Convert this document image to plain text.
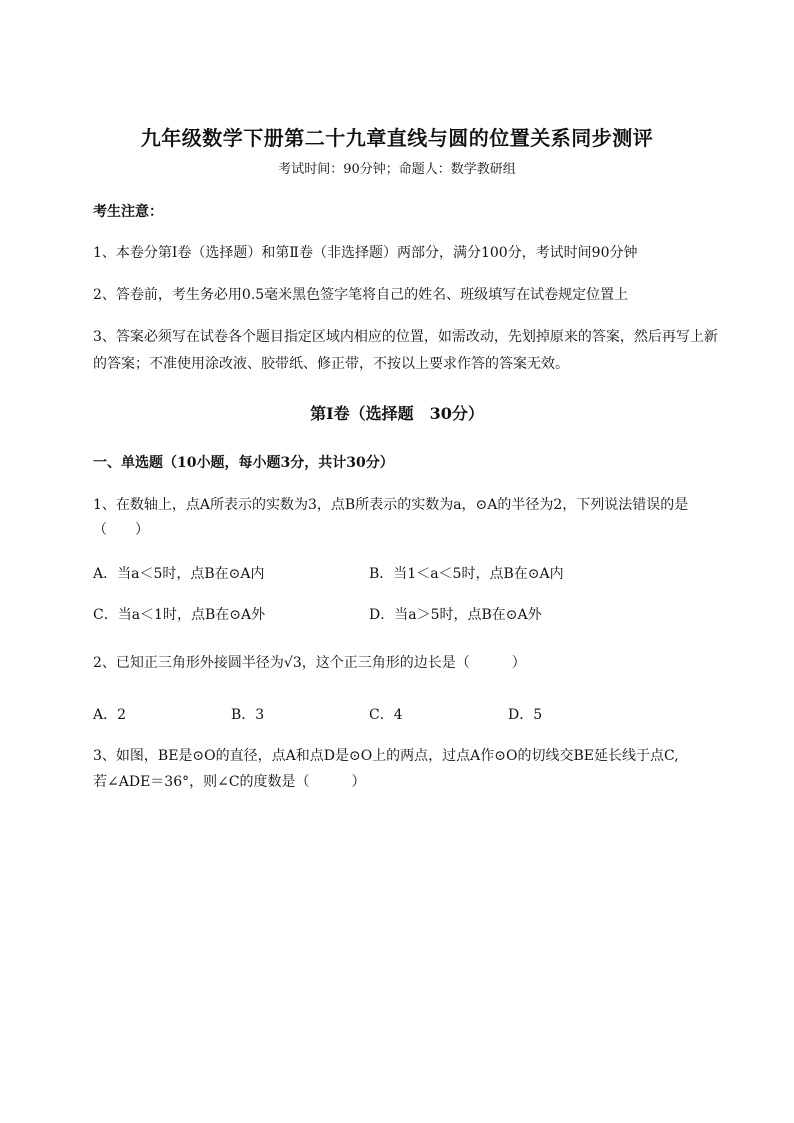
九年级数学下册第二十九章直线与圆的位置关系同步测评
考试时间：90分钟；命题人：数学教研组
考生注意：
1、本卷分第Ⅰ卷（选择题）和第Ⅱ卷（非选择题）两部分，满分100分，考试时间90分钟
2、答卷前，考生务必用0.5毫米黑色签字笔将自己的姓名、班级填写在试卷规定位置上
3、答案必须写在试卷各个题目指定区域内相应的位置，如需改动，先划掉原来的答案，然后再写上新
的答案；不准使用涂改液、胶带纸、修正带，不按以上要求作答的答案无效。
第Ⅰ卷（选择题　30分）
一、单选题（10小题，每小题3分，共计30分）
1、在数轴上，点A所表示的实数为3，点B所表示的实数为a，⊙A的半径为2，下列说法错误的是
（　　）
A．当a＜5时，点B在⊙A内	B．当1＜a＜5时，点B在⊙A内
C．当a＜1时，点B在⊙A外	D．当a＞5时，点B在⊙A外
2、已知正三角形外接圆半径为√3，这个正三角形的边长是（　　　）
A．2	B．3	C．4	D．5
3、如图，BE是⊙O的直径，点A和点D是⊙O上的两点，过点A作⊙O的切线交BE延长线于点C,
若∠ADE＝36°，则∠C的度数是（　　　）
